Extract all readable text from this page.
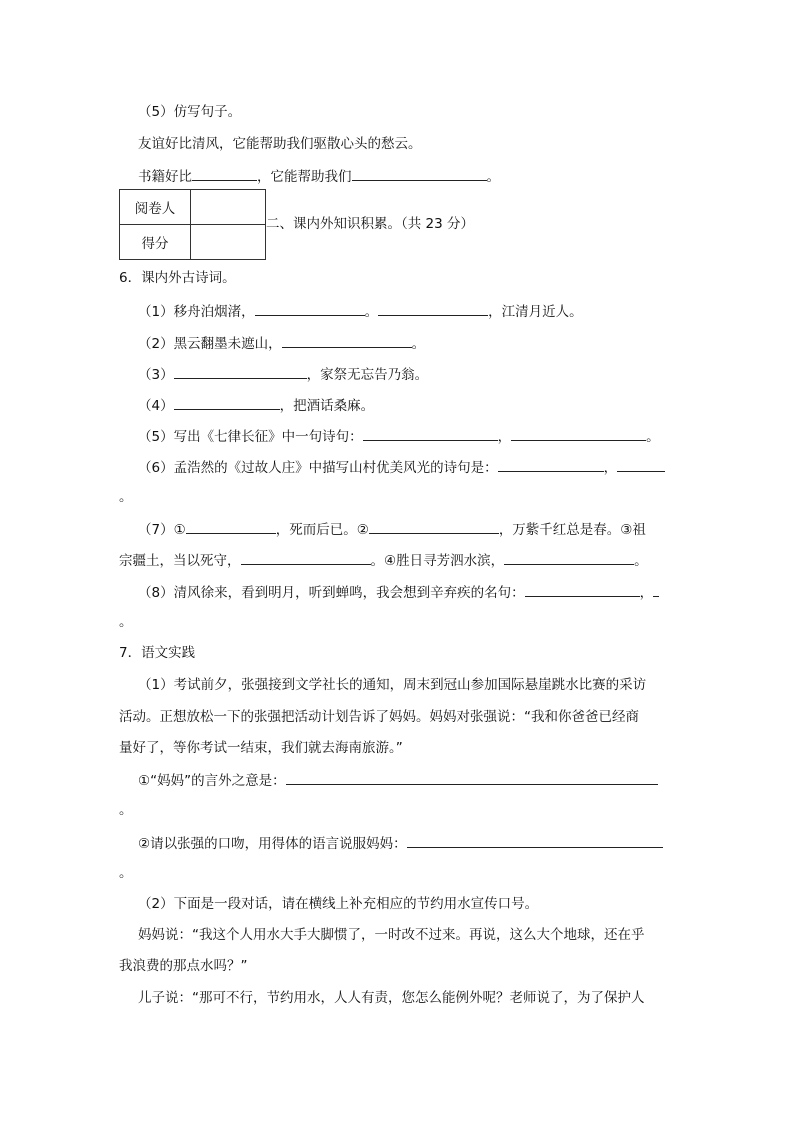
（5）仿写句子。
友谊好比清风，它能帮助我们驱散心头的愁云。
书籍好比	，它能帮助我们	。
阅卷人	
得分	
二、课内外知识积累。（共 23 分）
6．课内外古诗词。
（1）移舟泊烟渚，	。	，江清月近人。
（2）黑云翻墨未遮山，	。
（3）	，家祭无忘告乃翁。
（4）	，把酒话桑麻。
（5）写出《七律长征》中一句诗句：	，	。
（6）孟浩然的《过故人庄》中描写山村优美风光的诗句是：	，
。
（7）①	，死而后已。②	，万紫千红总是春。③祖
宗疆土，当以死守，	。④胜日寻芳泗水滨，	。
（8）清风徐来，看到明月，听到蝉鸣，我会想到辛弃疾的名句：	，
。
7．语文实践
（1）考试前夕，张强接到文学社长的通知，周末到冠山参加国际悬崖跳水比赛的采访
活动。正想放松一下的张强把活动计划告诉了妈妈。妈妈对张强说：“我和你爸爸已经商
量好了，等你考试一结束，我们就去海南旅游。”
①“妈妈”的言外之意是：
。
②请以张强的口吻，用得体的语言说服妈妈：
。
（2）下面是一段对话，请在横线上补充相应的节约用水宣传口号。
妈妈说：“我这个人用水大手大脚惯了，一时改不过来。再说，这么大个地球，还在乎
我浪费的那点水吗？”
儿子说：“那可不行，节约用水，人人有责，您怎么能例外呢？老师说了，为了保护人
